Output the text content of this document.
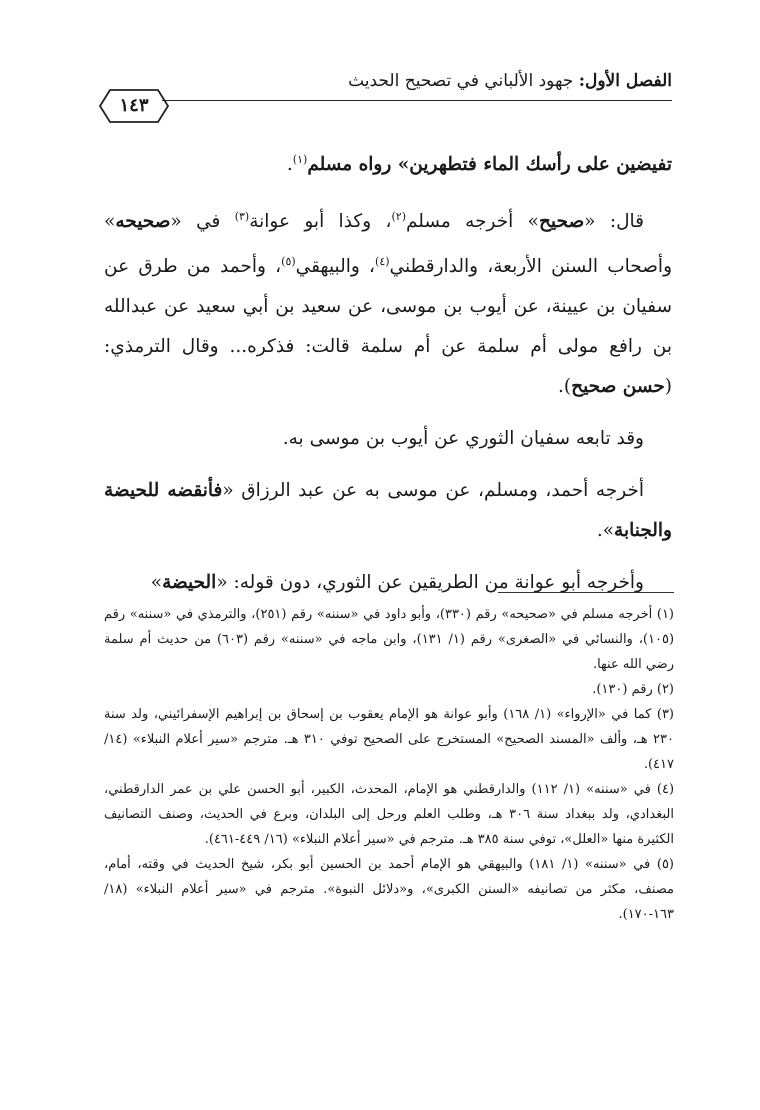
الفصل الأول: جهود الألباني في تصحيح الحديث
١٤٣

تفيضين على رأسك الماء فتطهرين» رواه مسلم$^{(١)}$.

قال: «صحيح» أخرجه مسلم$^{(٢)}$، وكذا أبو عوانة$^{(٣)}$ في «صحيحه» وأصحاب السنن الأربعة، والدارقطني$^{(٤)}$، والبيهقي$^{(٥)}$، وأحمد من طرق عن سفيان بن عيينة، عن أيوب بن موسى، عن سعيد بن أبي سعيد عن عبدالله بن رافع مولى أم سلمة عن أم سلمة قالت: فذكره... وقال الترمذي: (حسن صحيح).

وقد تابعه سفيان الثوري عن أيوب بن موسى به.

أخرجه أحمد، ومسلم، عن موسى به عن عبد الرزاق «فأنقضه للحيضة والجنابة».

وأخرجه أبو عوانة من الطريقين عن الثوري، دون قوله: «الحيضة»

(١) أخرجه مسلم في «صحيحه» رقم (٣٣٠)، وأبو داود في «سننه» رقم (٢٥١)، والترمذي في «سننه» رقم (١٠٥)، والنسائي في «الصغرى» رقم (١/ ١٣١)، وابن ماجه في «سننه» رقم (٦٠٣) من حديث أم سلمة رضي الله عنها.

(٢) رقم (١٣٠).

(٣) كما في «الإرواء» (١/ ١٦٨) وأبو عوانة هو الإمام يعقوب بن إسحاق بن إبراهيم الإسفرائيني، ولد سنة ٢٣٠ هـ، وألف «المسند الصحيح» المستخرج على الصحيح توفي ٣١٠ هـ. مترجم «سير أعلام النبلاء» (١٤/ ٤١٧).

(٤) في «سننه» (١/ ١١٢) والدارقطني هو الإمام، المحدث، الكبير، أبو الحسن علي بن عمر الدارقطني، البغدادي، ولد ببغداد سنة ٣٠٦ هـ، وطلب العلم ورحل إلى البلدان، وبرع في الحديث، وصنف التصانيف الكثيرة منها «العلل»، توفي سنة ٣٨٥ هـ. مترجم في «سير أعلام النبلاء» (١٦/ ٤٤٩-٤٦١).

(٥) في «سننه» (١/ ١٨١) والبيهقي هو الإمام أحمد بن الحسين أبو بكر، شيخ الحديث في وقته، أمام، مصنف، مكثر من تصانيفه «السنن الكبرى»، و«دلائل النبوة». مترجم في «سير أعلام النبلاء» (١٨/ ١٦٣-١٧٠).
